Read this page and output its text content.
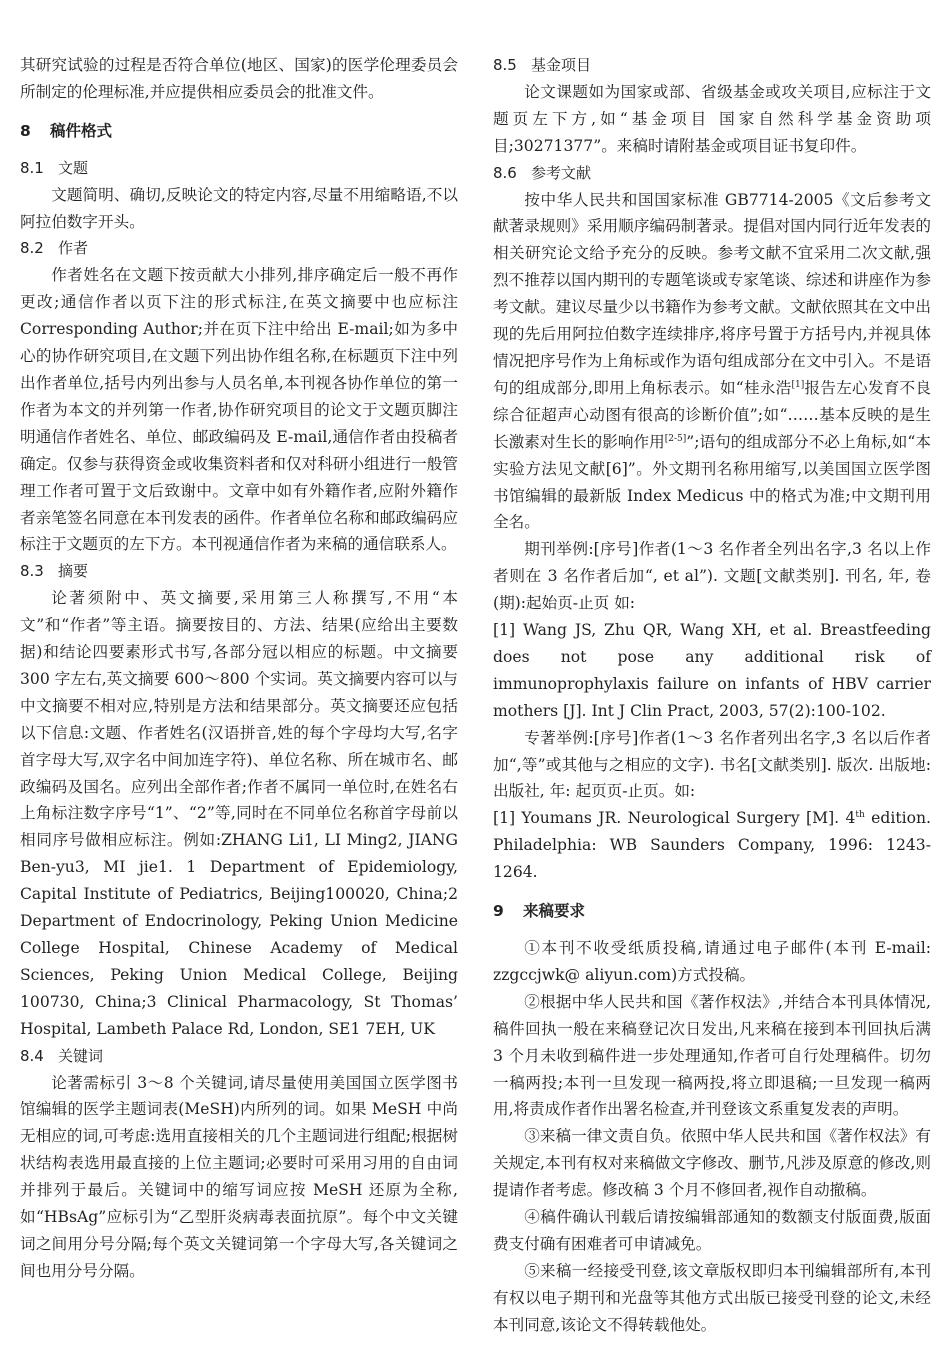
其研究试验的过程是否符合单位(地区、国家)的医学伦理委员会所制定的伦理标准,并应提供相应委员会的批准文件。

8 稿件格式
8.1 文题

文题简明、确切,反映论文的特定内容,尽量不用缩略语,不以阿拉伯数字开头。

8.2 作者

作者姓名在文题下按贡献大小排列,排序确定后一般不再作更改;通信作者以页下注的形式标注,在英文摘要中也应标注 Corresponding Author;并在页下注中给出 E-mail;如为多中心的协作研究项目,在文题下列出协作组名称,在标题页下注中列出作者单位,括号内列出参与人员名单,本刊视各协作单位的第一作者为本文的并列第一作者,协作研究项目的论文于文题页脚注明通信作者姓名、单位、邮政编码及 E-mail,通信作者由投稿者确定。仅参与获得资金或收集资料者和仅对科研小组进行一般管理工作者可置于文后致谢中。文章中如有外籍作者,应附外籍作者亲笔签名同意在本刊发表的函件。作者单位名称和邮政编码应标注于文题页的左下方。本刊视通信作者为来稿的通信联系人。

8.3 摘要

论著须附中、英文摘要,采用第三人称撰写,不用“本文”和“作者”等主语。摘要按目的、方法、结果(应给出主要数据)和结论四要素形式书写,各部分冠以相应的标题。中文摘要 300 字左右,英文摘要 600～800 个实词。英文摘要内容可以与中文摘要不相对应,特别是方法和结果部分。英文摘要还应包括以下信息:文题、作者姓名(汉语拼音,姓的每个字母均大写,名字首字母大写,双字名中间加连字符)、单位名称、所在城市名、邮政编码及国名。应列出全部作者;作者不属同一单位时,在姓名右上角标注数字序号“1”、“2”等,同时在不同单位名称首字母前以相同序号做相应标注。例如:ZHANG Li1, LI Ming2, JIANG Ben-yu3, MI jie1. 1 Department of Epidemiology, Capital Institute of Pediatrics, Beijing100020, China;2 Department of Endocrinology, Peking Union Medicine College Hospital, Chinese Academy of Medical Sciences, Peking Union Medical College, Beijing 100730, China;3 Clinical Pharmacology, St Thomas’ Hospital, Lambeth Palace Rd, London, SE1 7EH, UK

8.4 关键词

论著需标引 3～8 个关键词,请尽量使用美国国立医学图书馆编辑的医学主题词表(MeSH)内所列的词。如果 MeSH 中尚无相应的词,可考虑:选用直接相关的几个主题词进行组配;根据树状结构表选用最直接的上位主题词;必要时可采用习用的自由词并排列于最后。关键词中的缩写词应按 MeSH 还原为全称,如“HBsAg”应标引为“乙型肝炎病毒表面抗原”。每个中文关键词之间用分号分隔;每个英文关键词第一个字母大写,各关键词之间也用分号分隔。

8.5 基金项目

论文课题如为国家或部、省级基金或攻关项目,应标注于文题页左下方,如“基金项目 国家自然科学基金资助项目;30271377”。来稿时请附基金或项目证书复印件。

8.6 参考文献

按中华人民共和国国家标准 GB7714-2005《文后参考文献著录规则》采用顺序编码制著录。提倡对国内同行近年发表的相关研究论文给予充分的反映。参考文献不宜采用二次文献,强烈不推荐以国内期刊的专题笔谈或专家笔谈、综述和讲座作为参考文献。建议尽量少以书籍作为参考文献。文献依照其在文中出现的先后用阿拉伯数字连续排序,将序号置于方括号内,并视具体情况把序号作为上角标或作为语句组成部分在文中引入。不是语句的组成部分,即用上角标表示。如“桂永浩[1]报告左心发育不良综合征超声心动图有很高的诊断价值”;如“……基本反映的是生长激素对生长的影响作用[2-5]”;语句的组成部分不必上角标,如“本实验方法见文献[6]”。外文期刊名称用缩写,以美国国立医学图书馆编辑的最新版 Index Medicus 中的格式为准;中文期刊用全名。

期刊举例:[序号]作者(1～3 名作者全列出名字,3 名以上作者则在 3 名作者后加“, et al”). 文题[文献类别]. 刊名, 年, 卷(期):起始页-止页 如:

[1] Wang JS, Zhu QR, Wang XH, et al. Breastfeeding does not pose any additional risk of immunoprophylaxis failure on infants of HBV carrier mothers [J]. Int J Clin Pract, 2003, 57(2):100-102.

专著举例:[序号]作者(1～3 名作者列出名字,3 名以后作者加“,等”或其他与之相应的文字). 书名[文献类别]. 版次. 出版地: 出版社, 年: 起页页-止页。如:

[1] Youmans JR. Neurological Surgery [M]. 4th edition. Philadelphia: WB Saunders Company, 1996: 1243-1264.

9 来稿要求

①本刊不收受纸质投稿,请通过电子邮件(本刊 E-mail: zzgccjwk@ aliyun.com)方式投稿。

②根据中华人民共和国《著作权法》,并结合本刊具体情况,稿件回执一般在来稿登记次日发出,凡来稿在接到本刊回执后满 3 个月未收到稿件进一步处理通知,作者可自行处理稿件。切勿一稿两投;本刊一旦发现一稿两投,将立即退稿;一旦发现一稿两用,将责成作者作出署名检查,并刊登该文系重复发表的声明。

③来稿一律文责自负。依照中华人民共和国《著作权法》有关规定,本刊有权对来稿做文字修改、删节,凡涉及原意的修改,则提请作者考虑。修改稿 3 个月不修回者,视作自动撤稿。

④稿件确认刊载后请按编辑部通知的数额支付版面费,版面费支付确有困难者可申请减免。

⑤来稿一经接受刊登,该文章版权即归本刊编辑部所有,本刊有权以电子期刊和光盘等其他方式出版已接受刊登的论文,未经本刊同意,该论文不得转载他处。
